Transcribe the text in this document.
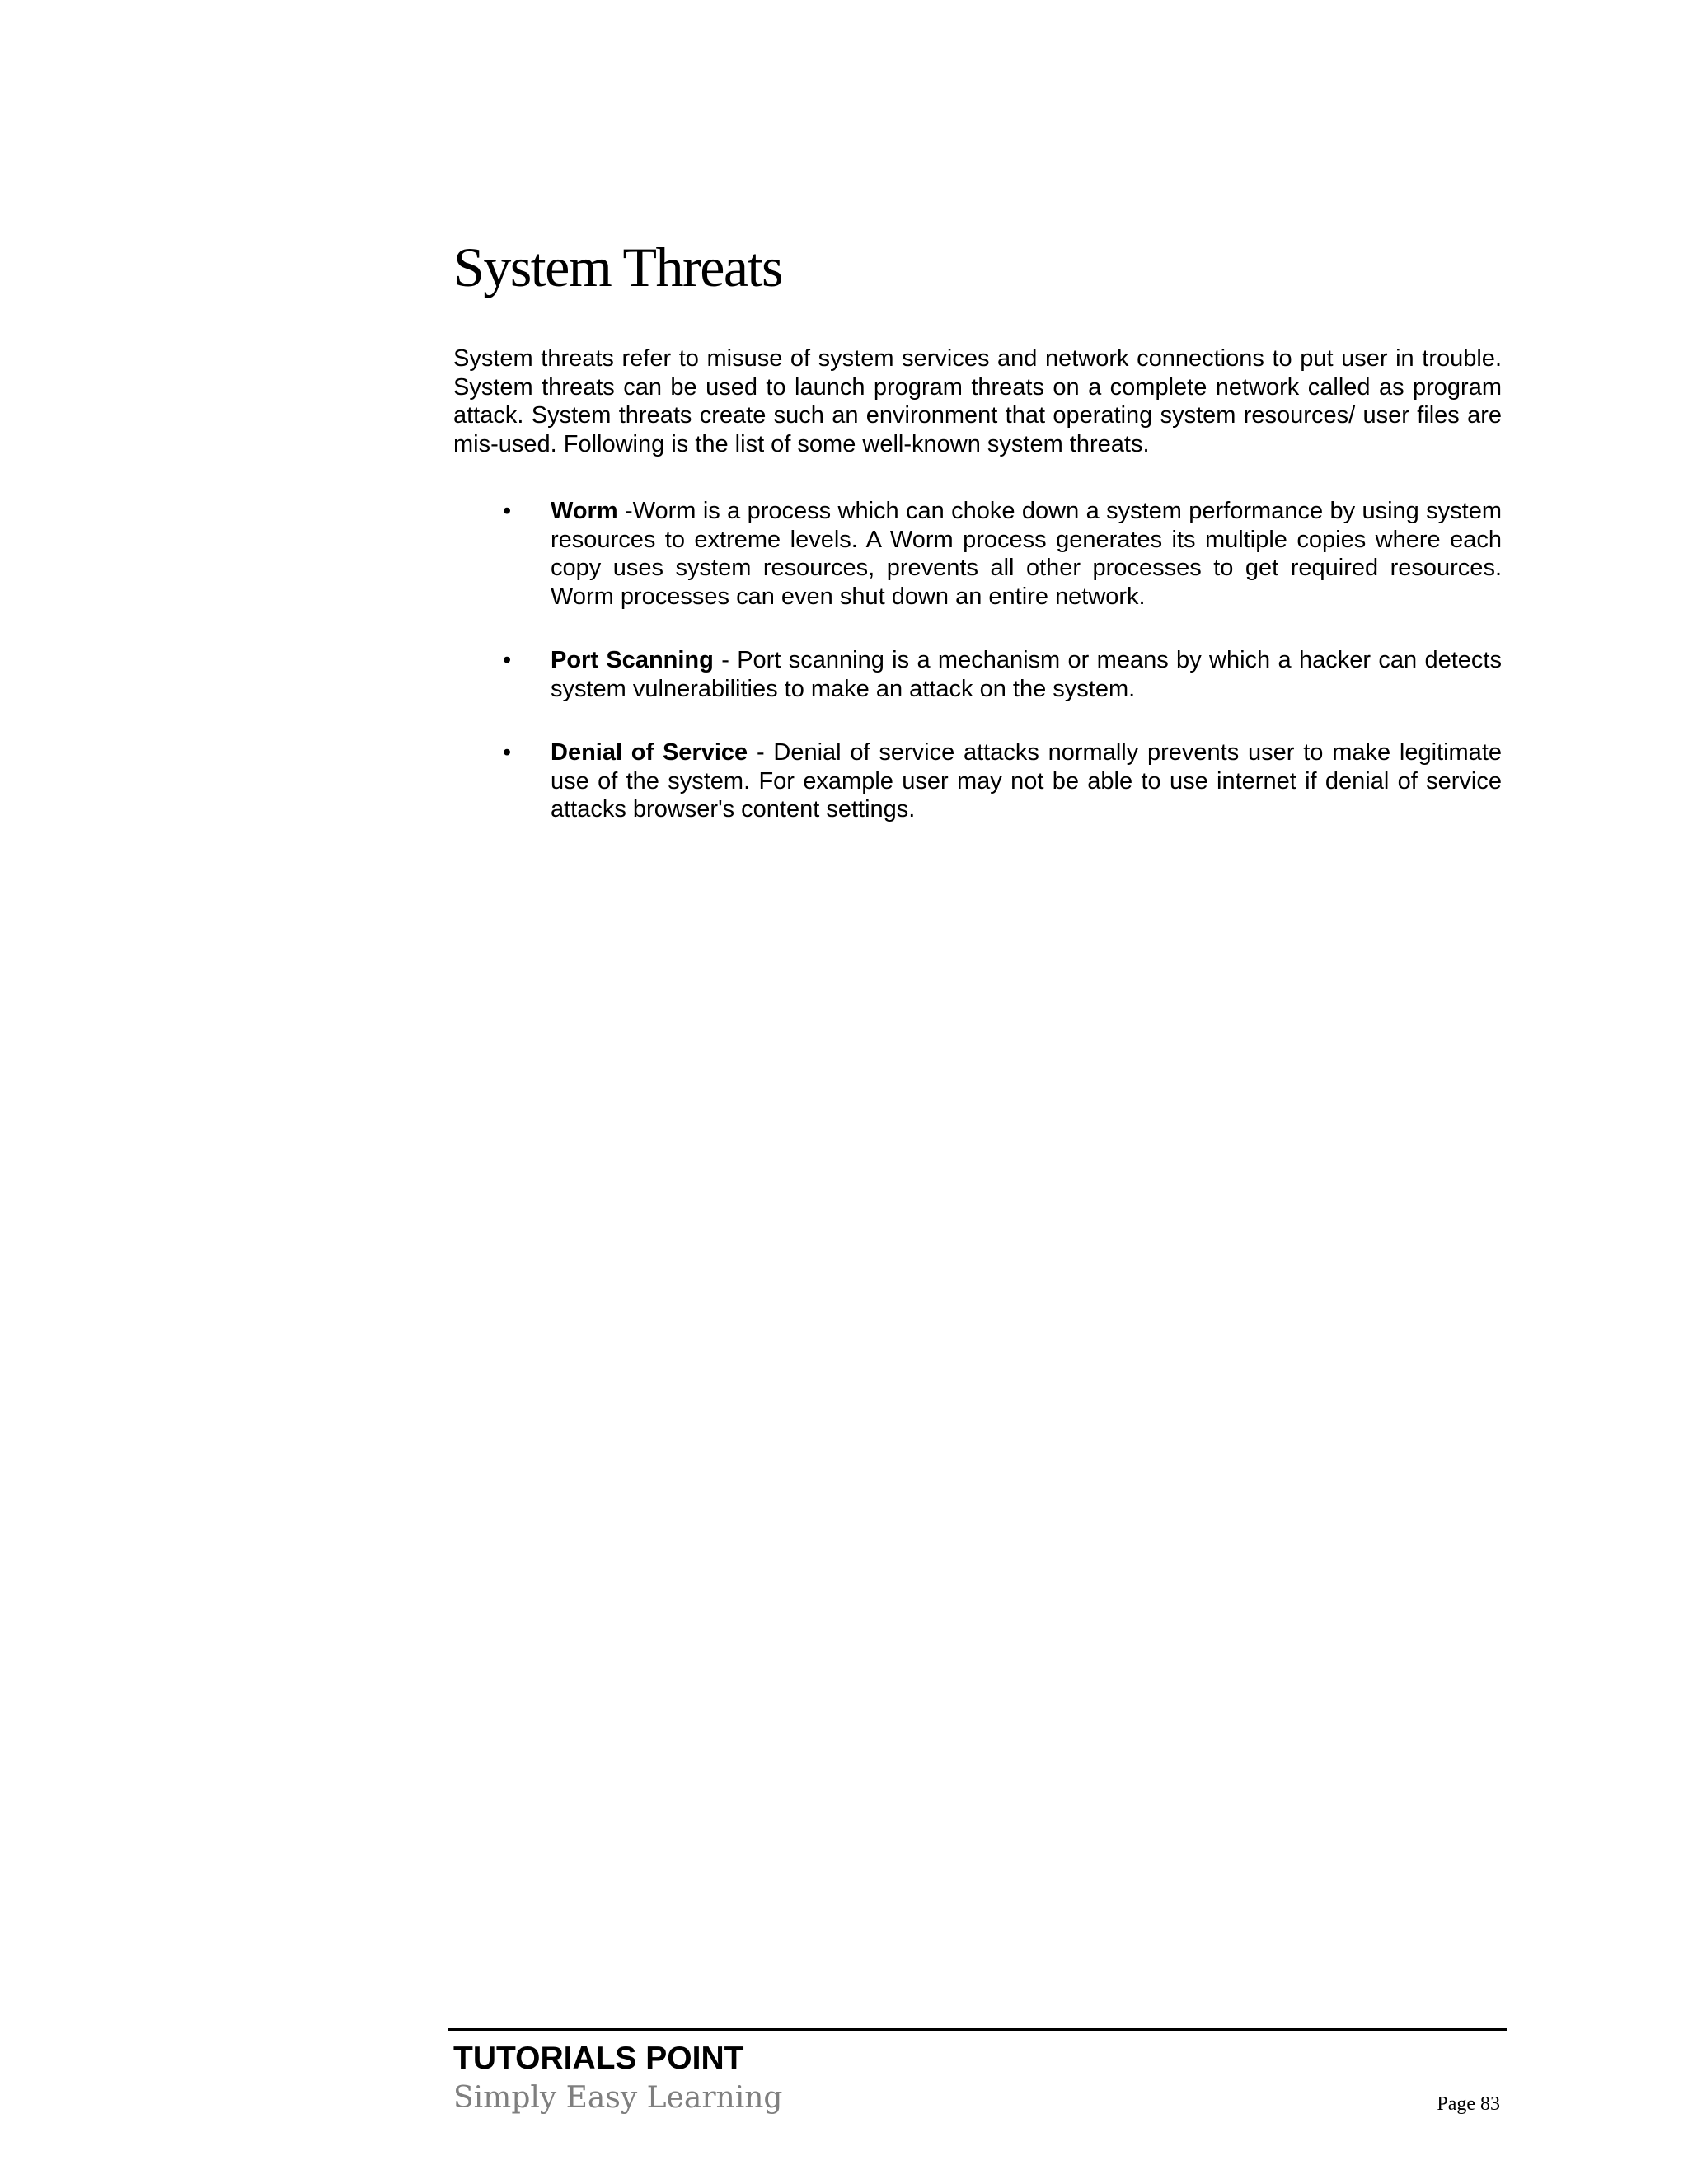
System Threats

System threats refer to misuse of system services and network connections to put user in trouble. System threats can be used to launch program threats on a complete network called as program attack. System threats create such an environment that operating system resources/ user files are mis-used. Following is the list of some well-known system threats.

• Worm -Worm is a process which can choke down a system performance by using system resources to extreme levels. A Worm process generates its multiple copies where each copy uses system resources, prevents all other processes to get required resources. Worm processes can even shut down an entire network.
• Port Scanning - Port scanning is a mechanism or means by which a hacker can detects system vulnerabilities to make an attack on the system.
• Denial of Service - Denial of service attacks normally prevents user to make legitimate use of the system. For example user may not be able to use internet if denial of service attacks browser's content settings.
TUTORIALS POINT
Simply Easy Learning	Page 83
